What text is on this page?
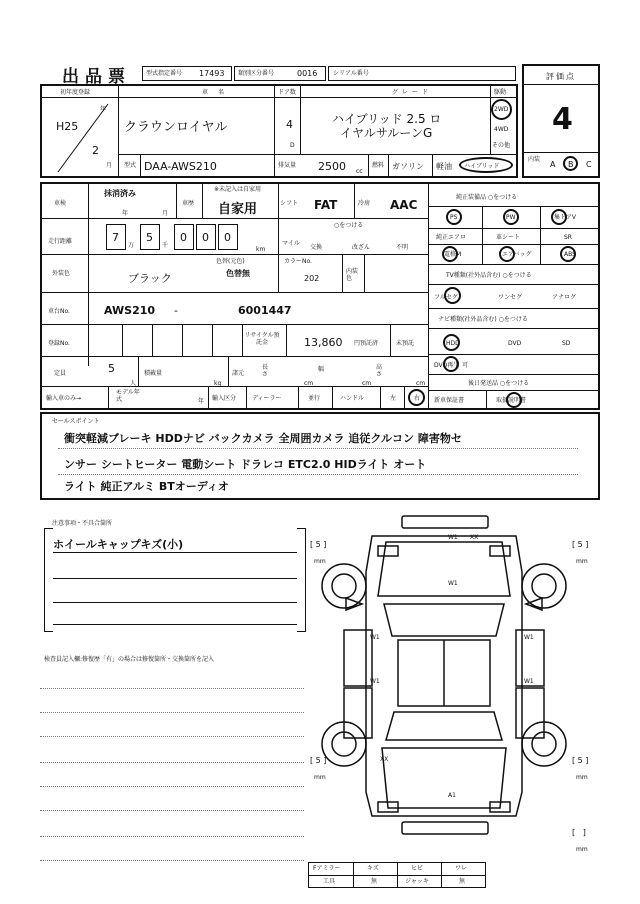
出品票	型式指定番号 17493 類別区分番号	0016	シリアル番号	評価点
4
内装
A B C
初年度登録
H25
年
2
月
車名
クラウンロイヤル
ドア数
4
D
グレード
ハイブリッド 2.5 ロ
イヤルサルーンG
駆動
2WD
4WD
その他
型式 DAA-AWS210	排気量 2500 cc
燃料 ガソリン 軽油 ハイブリッド
車検
抹消済み
年	月
車歴
※未記入は自家用
自家用	シフト FAT	冷房 AAC
走行距離	7
万
5
千
0 0 0
km
マイル
○をつける
交換	改ざん	不明
外装色	ブラック
色替(元色)
色替無
カラーNo.
202
内装色
車台No.	AWS210 -	6001447
登録No.
リサイクル預託金	13,860 円預託済	未預託
定員	5
人
積載量
kg
諸元
長さ
cm
幅
cm
高さ
cm
輸入車のみ→
モデル年式	年 輸入区分	ディーラー	並行	ハンドル	左	右
純正装備品 ○をつける
PS	PW	集ドアV
純正エアロ	革シート	SR
電格M	エアバッグ	ABS
TV種類(社外品含む) ○をつける
フルセグ	ワンセグ	アナログ
ナビ種類(社外品含む) ○をつける
HDD	DVD	SD
DVD再生 可
後日発送品 ○をつける
新車保証書	取扱説明書
セールスポイント
衝突軽減ブレーキ HDDナビ バックカメラ 全周囲カメラ 追従クルコン 障害物セ
ンサー シートヒーター 電動シート ドラレコ ETC2.0 HIDライト オート
ライト 純正アルミ BTオーディオ
注意事項・不具合箇所
ホイールキャップキズ(小)
検査員記入欄:修復歴「有」の場合は修復箇所・交換箇所を記入
W1 XX
W1
W1	W1
W1	W1
XX
A1
[ 5 ]
mm
[ 5 ]
mm
[ 5 ]
mm
[ 5 ]
mm
[   ]
mm
Fアミラー	キズ	ヒビ	ワレ
工具	無	ジャッキ	無
